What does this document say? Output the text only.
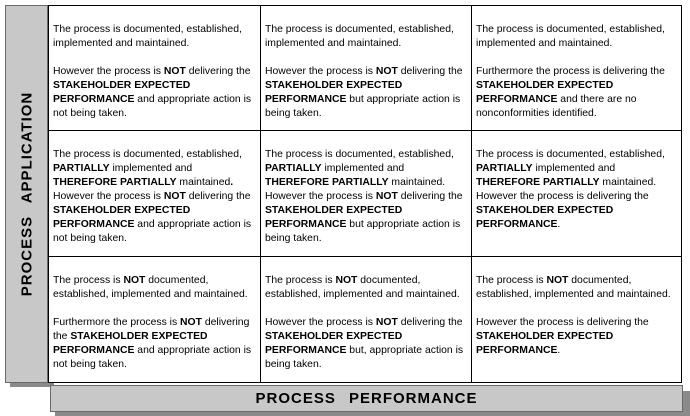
PROCESS APPLICATION

The process is documented, established, implemented and maintained.

However the process is NOT delivering the STAKEHOLDER EXPECTED PERFORMANCE and appropriate action is not being taken.

The process is documented, established, implemented and maintained.

However the process is NOT delivering the STAKEHOLDER EXPECTED PERFORMANCE but appropriate action is being taken.

The process is documented, established, implemented and maintained.

Furthermore the process is delivering the STAKEHOLDER EXPECTED PERFORMANCE and there are no nonconformities identified.

The process is documented, established, PARTIALLY implemented and THEREFORE PARTIALLY maintained.

However the process is NOT delivering the STAKEHOLDER EXPECTED PERFORMANCE and appropriate action is not being taken.

The process is documented, established, PARTIALLY implemented and THEREFORE PARTIALLY maintained.

However the process is NOT delivering the STAKEHOLDER EXPECTED PERFORMANCE but appropriate action is being taken.

The process is documented, established, PARTIALLY implemented and THEREFORE PARTIALLY maintained.

However the process is delivering the STAKEHOLDER EXPECTED PERFORMANCE.

The process is NOT documented, established, implemented and maintained.

Furthermore the process is NOT delivering the STAKEHOLDER EXPECTED PERFORMANCE and appropriate action is not being taken.

The process is NOT documented, established, implemented and maintained.

However the process is NOT delivering the STAKEHOLDER EXPECTED PERFORMANCE but, appropriate action is being taken.

The process is NOT documented, established, implemented and maintained.

However the process is delivering the STAKEHOLDER EXPECTED PERFORMANCE.

PROCESS PERFORMANCE
